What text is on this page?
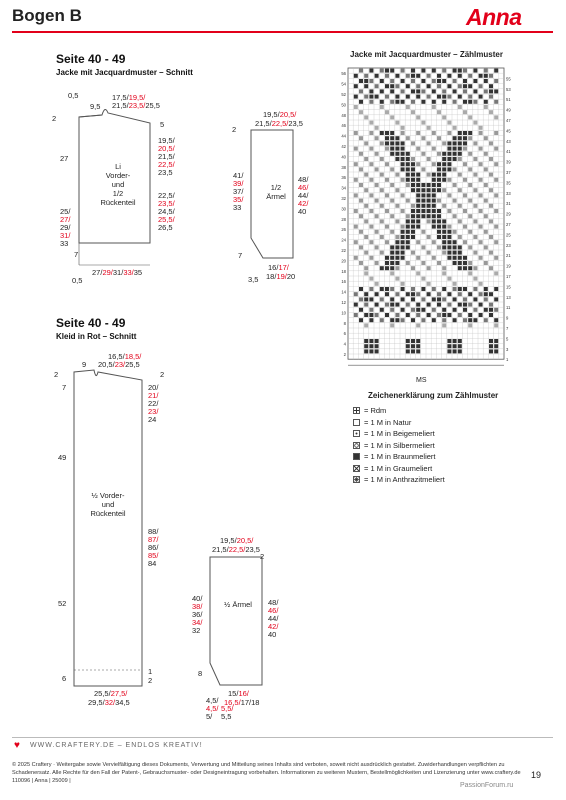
Bogen B	Anna
Seite 40 - 49
Jacke mit Jacquardmuster – Schnitt
Seite 40 - 49
Kleid in Rot – Schnitt
0,5
9,5
17,5/19,5/
21,5/23,5/25,5
2
27
25/
27/
29/
31/
33
5
19,5/
20,5/
21,5/
22,5/
23,5
22,5/
23,5/
24,5/
25,5/
26,5
7
27/29/31/33/35
0,5
Li
Vorder-
und
1/2
Rückenteil
19,5/20,5/
21,5/22,5/23,5
2
41/
39/
37/
35/
33
48/
46/
44/
42/
40
7
16/17/
18/19/20
3,5
1/2
Ärmel
2
9
16,5/18,5/
20,5/23/25,5
7
2
20/
21/
22/
23/
24
49
88/
87/
86/
85/
84
52
6
1
2
25,5/27,5/
29,5/32/34,5
½ Vorder-
und
Rückenteil
19,5/20,5/
21,5/22,5/23,5
2
40/
38/
36/
34/
32
48/
46/
44/
42/
40
8
15/16/
16,5/17/18
4,5/
4,5/
5/
5,5/
5,5
½ Ärmel
Jacke mit Jacquardmuster – Zählmuster
56
54
52
50
48
46
44
42
40
38
36
34
32
30
28
26
24
22
20
18
16
14
12
10
8
6
4
2
55
53
51
49
47
45
43
41
39
37
35
33
31
29
27
25
23
21
19
17
15
13
11
9
7
5
3
1
MS
Zeichenerklärung zum Zählmuster
= Rdm
= 1 M in Natur
= 1 M in Beigemeliert
= 1 M in Silbermeliert
= 1 M in Braunmeliert
= 1 M in Graumeliert
= 1 M in Anthrazitmeliert
♥ WWW.CRAFTERY.DE – ENDLOS KREATIV!
© 2025 Craftery · Weitergabe sowie Vervielfältigung dieses Dokuments, Verwertung und Mitteilung seines Inhalts sind verboten, soweit nicht ausdrücklich gestattet. Zuwiderhandlungen verpflichten zu Schadenersatz. Alle Rechte für den Fall der Patent-, Gebrauchsmuster- oder Designeintragung vorbehalten. Informationen zu weiteren Mustern, Bestellmöglichkeiten und Lizenzierung unter www.craftery.de 110096 | Anna | 25009 |
19
PassionForum.ru
